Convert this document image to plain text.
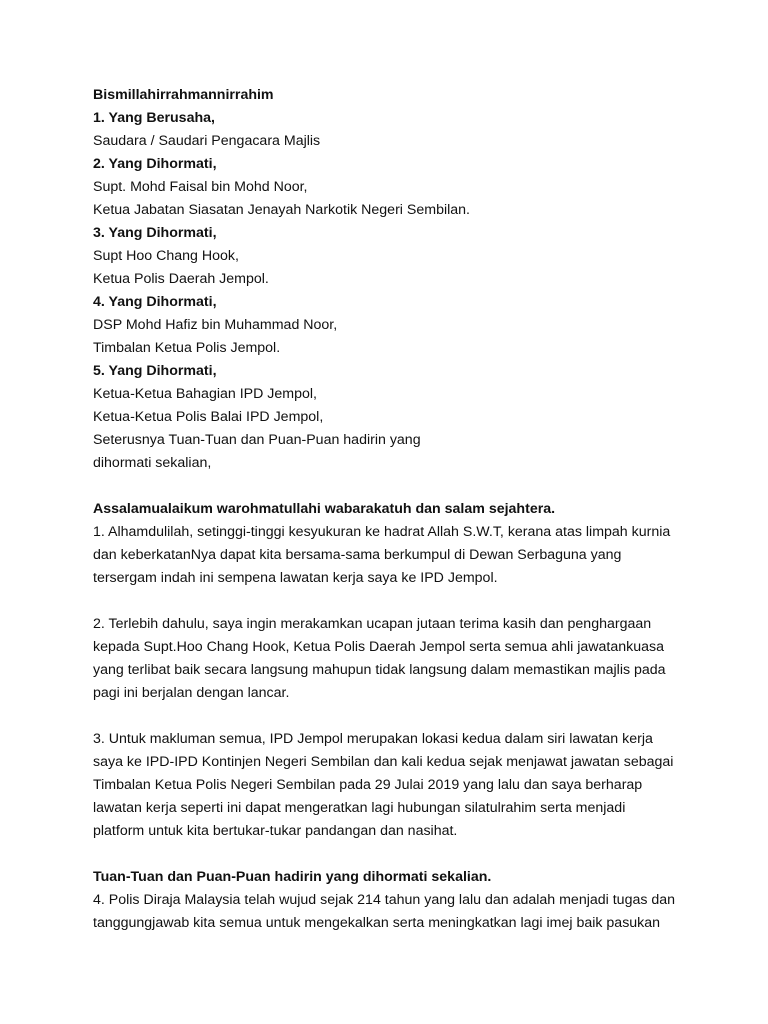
Bismillahirrahmannirrahim
1. Yang Berusaha,
Saudara / Saudari Pengacara Majlis
2. Yang Dihormati,
Supt. Mohd Faisal bin Mohd Noor,
Ketua Jabatan Siasatan Jenayah Narkotik Negeri Sembilan.
3. Yang Dihormati,
Supt Hoo Chang Hook,
Ketua Polis Daerah Jempol.
4. Yang Dihormati,
DSP Mohd Hafiz bin Muhammad Noor,
Timbalan Ketua Polis Jempol.
5. Yang Dihormati,
Ketua-Ketua Bahagian IPD Jempol,
Ketua-Ketua Polis Balai IPD Jempol,
Seterusnya Tuan-Tuan dan Puan-Puan hadirin yang
dihormati sekalian,
Assalamualaikum warohmatullahi wabarakatuh dan salam sejahtera.
1. Alhamdulilah, setinggi-tinggi kesyukuran ke hadrat Allah S.W.T, kerana atas limpah kurnia
dan keberkatanNya dapat kita bersama-sama berkumpul di Dewan Serbaguna yang
tersergam indah ini sempena lawatan kerja saya ke IPD Jempol.
2. Terlebih dahulu, saya ingin merakamkan ucapan jutaan terima kasih dan penghargaan
kepada Supt.Hoo Chang Hook, Ketua Polis Daerah Jempol serta semua ahli jawatankuasa
yang terlibat baik secara langsung mahupun tidak langsung dalam memastikan majlis pada
pagi ini berjalan dengan lancar.
3. Untuk makluman semua, IPD Jempol merupakan lokasi kedua dalam siri lawatan kerja
saya ke IPD-IPD Kontinjen Negeri Sembilan dan kali kedua sejak menjawat jawatan sebagai
Timbalan Ketua Polis Negeri Sembilan pada 29 Julai 2019 yang lalu dan saya berharap
lawatan kerja seperti ini dapat mengeratkan lagi hubungan silatulrahim serta menjadi
platform untuk kita bertukar-tukar pandangan dan nasihat.
Tuan-Tuan dan Puan-Puan hadirin yang dihormati sekalian.
4. Polis Diraja Malaysia telah wujud sejak 214 tahun yang lalu dan adalah menjadi tugas dan
tanggungjawab kita semua untuk mengekalkan serta meningkatkan lagi imej baik pasukan
